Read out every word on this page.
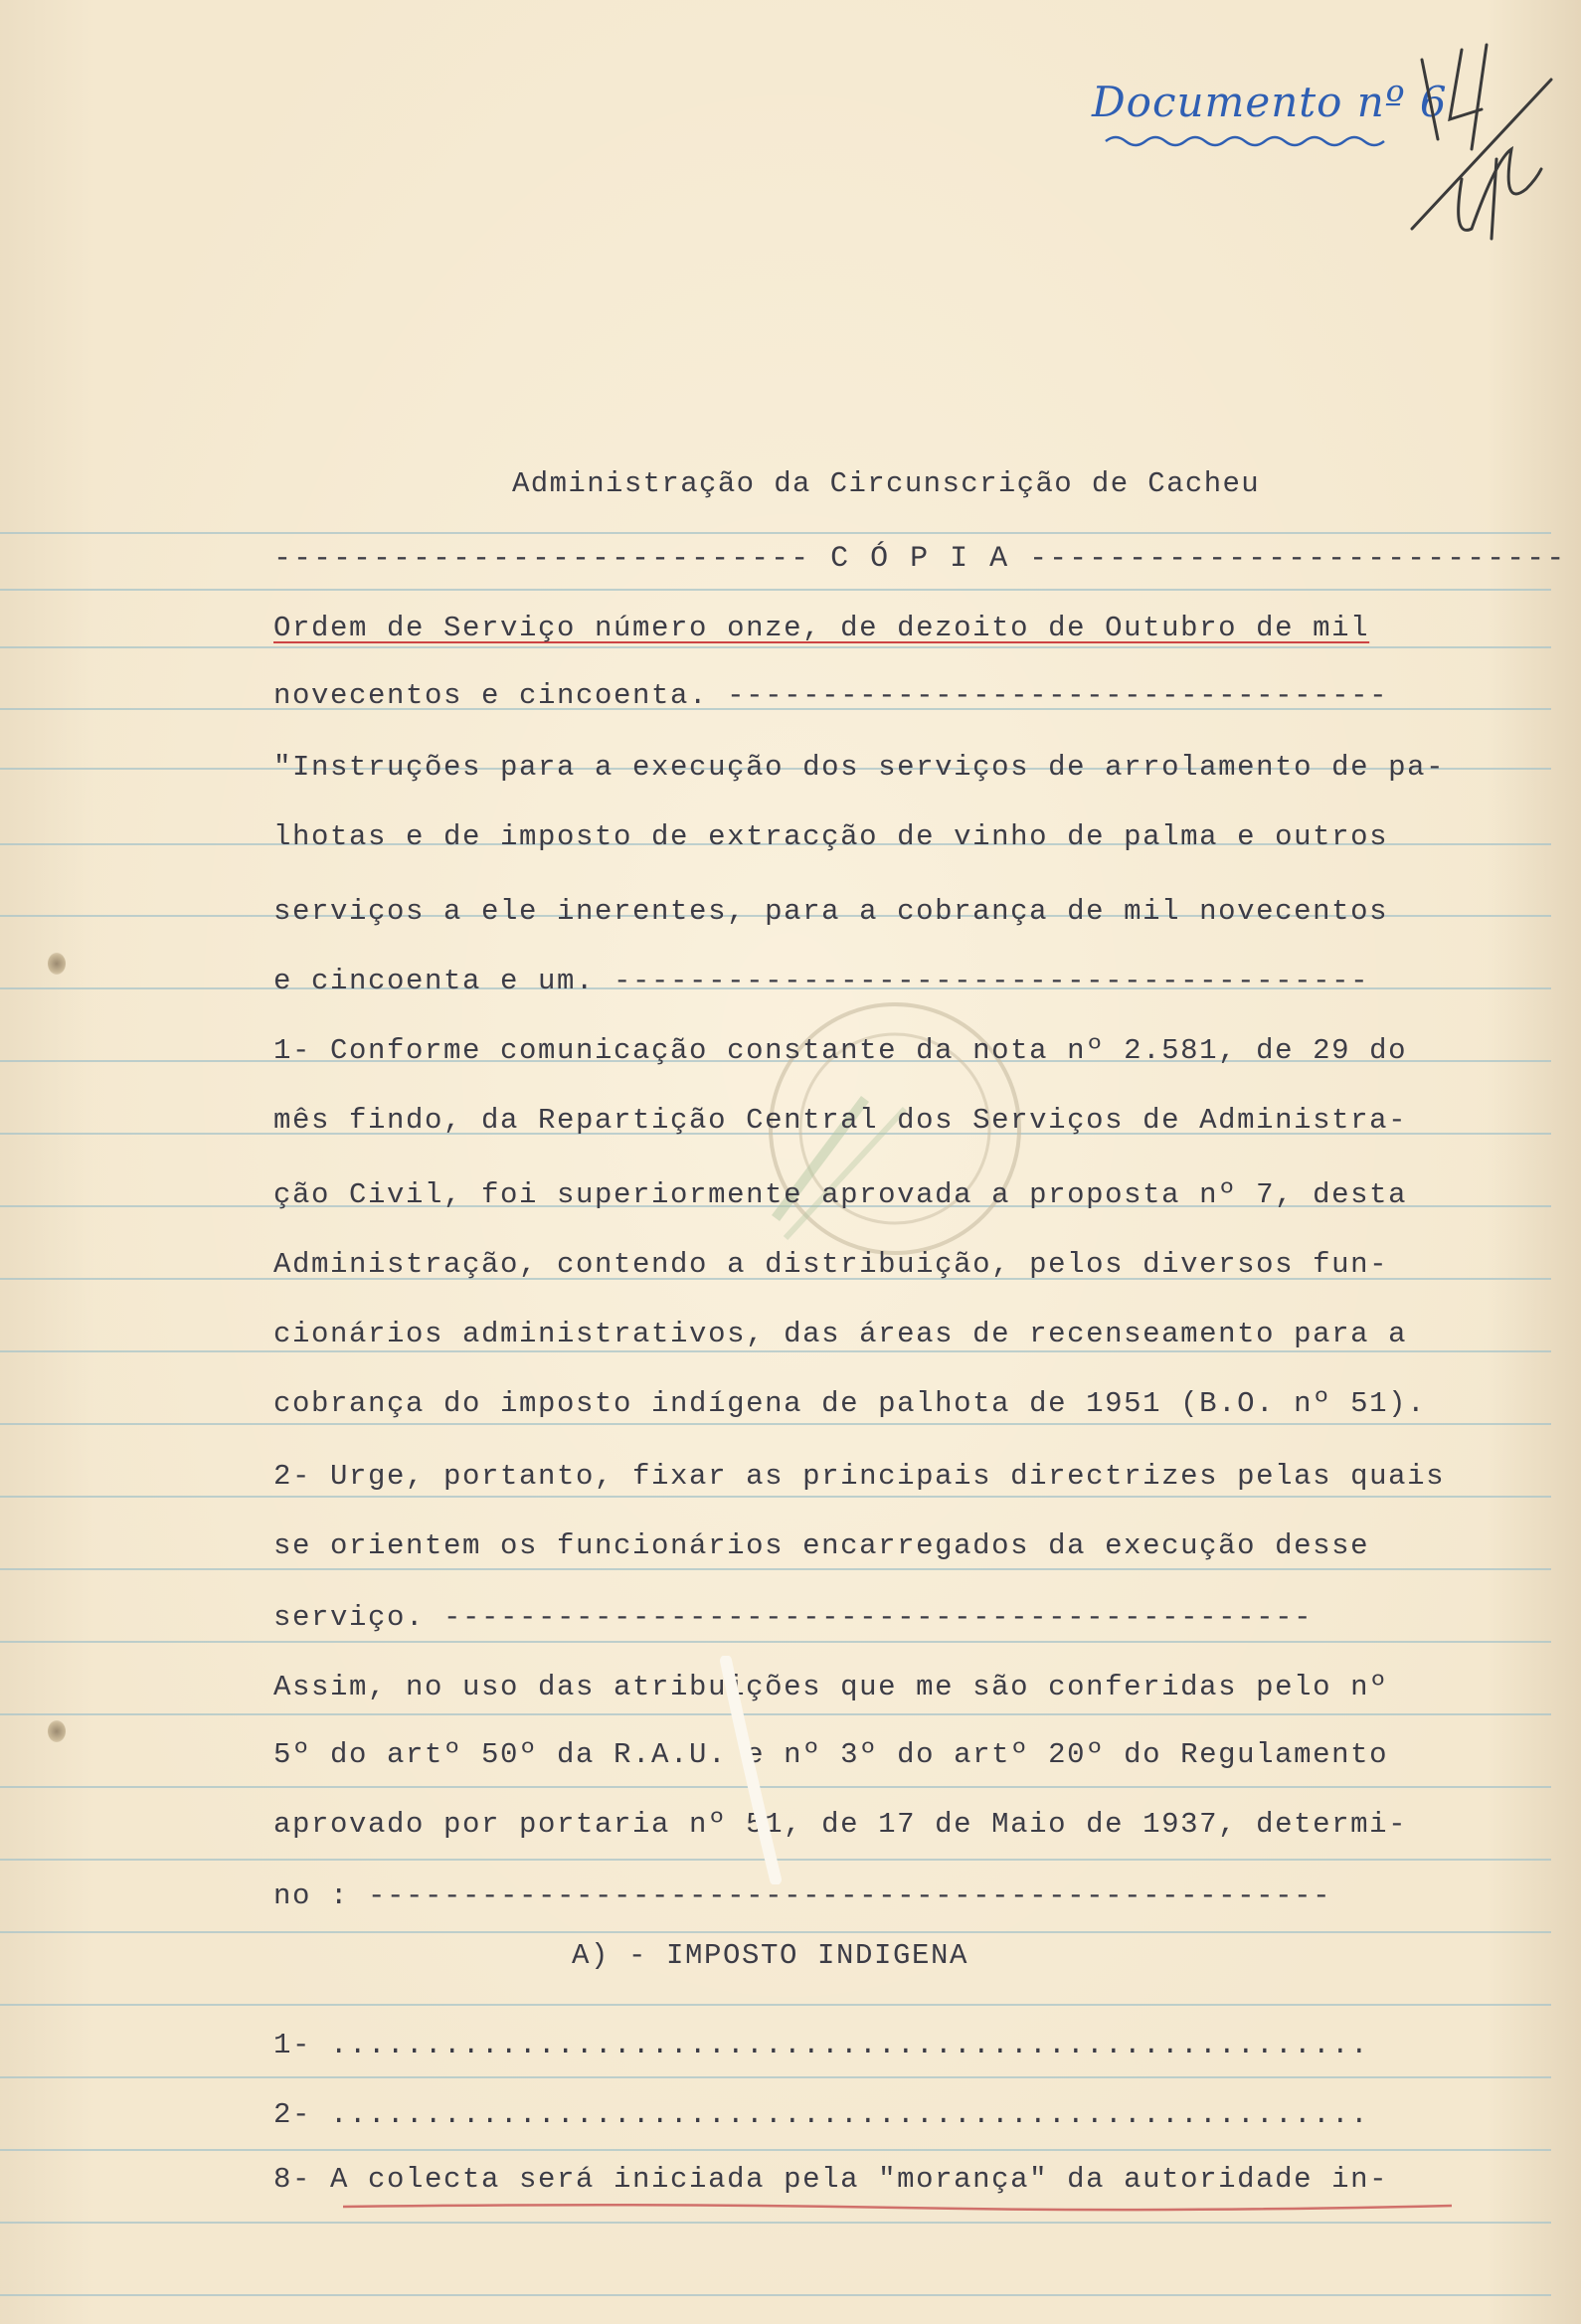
Documento nº 6
Administração da Circunscrição de Cacheu
--------------------------- C Ó P I A ---------------------------
Ordem de Serviço número onze, de dezoito de Outubro de mil
novecentos e cincoenta. -----------------------------------
"Instruções para a execução dos serviços de arrolamento de pa-
lhotas e de imposto de extracção de vinho de palma e outros
serviços a ele inerentes, para a cobrança de mil novecentos
e cincoenta e um. ----------------------------------------
1- Conforme comunicação constante da nota nº 2.581, de 29 do
mês findo, da Repartição Central dos Serviços de Administra-
ção Civil, foi superiormente aprovada a proposta nº 7, desta
Administração, contendo a distribuição, pelos diversos fun-
cionários administrativos, das áreas de recenseamento para a
cobrança do imposto indígena de palhota de 1951 (B.O. nº 51).
2- Urge, portanto, fixar as principais directrizes pelas quais
se orientem os funcionários encarregados da execução desse
serviço. ----------------------------------------------
Assim, no uso das atribuições que me são conferidas pelo nº
5º do artº 50º da R.A.U. e nº 3º do artº 20º do Regulamento
aprovado por portaria nº 51, de 17 de Maio de 1937, determi-
no : ---------------------------------------------------
A) - IMPOSTO INDIGENA
1- .......................................................
2- .......................................................
8- A colecta será iniciada pela "morança" da autoridade in-
